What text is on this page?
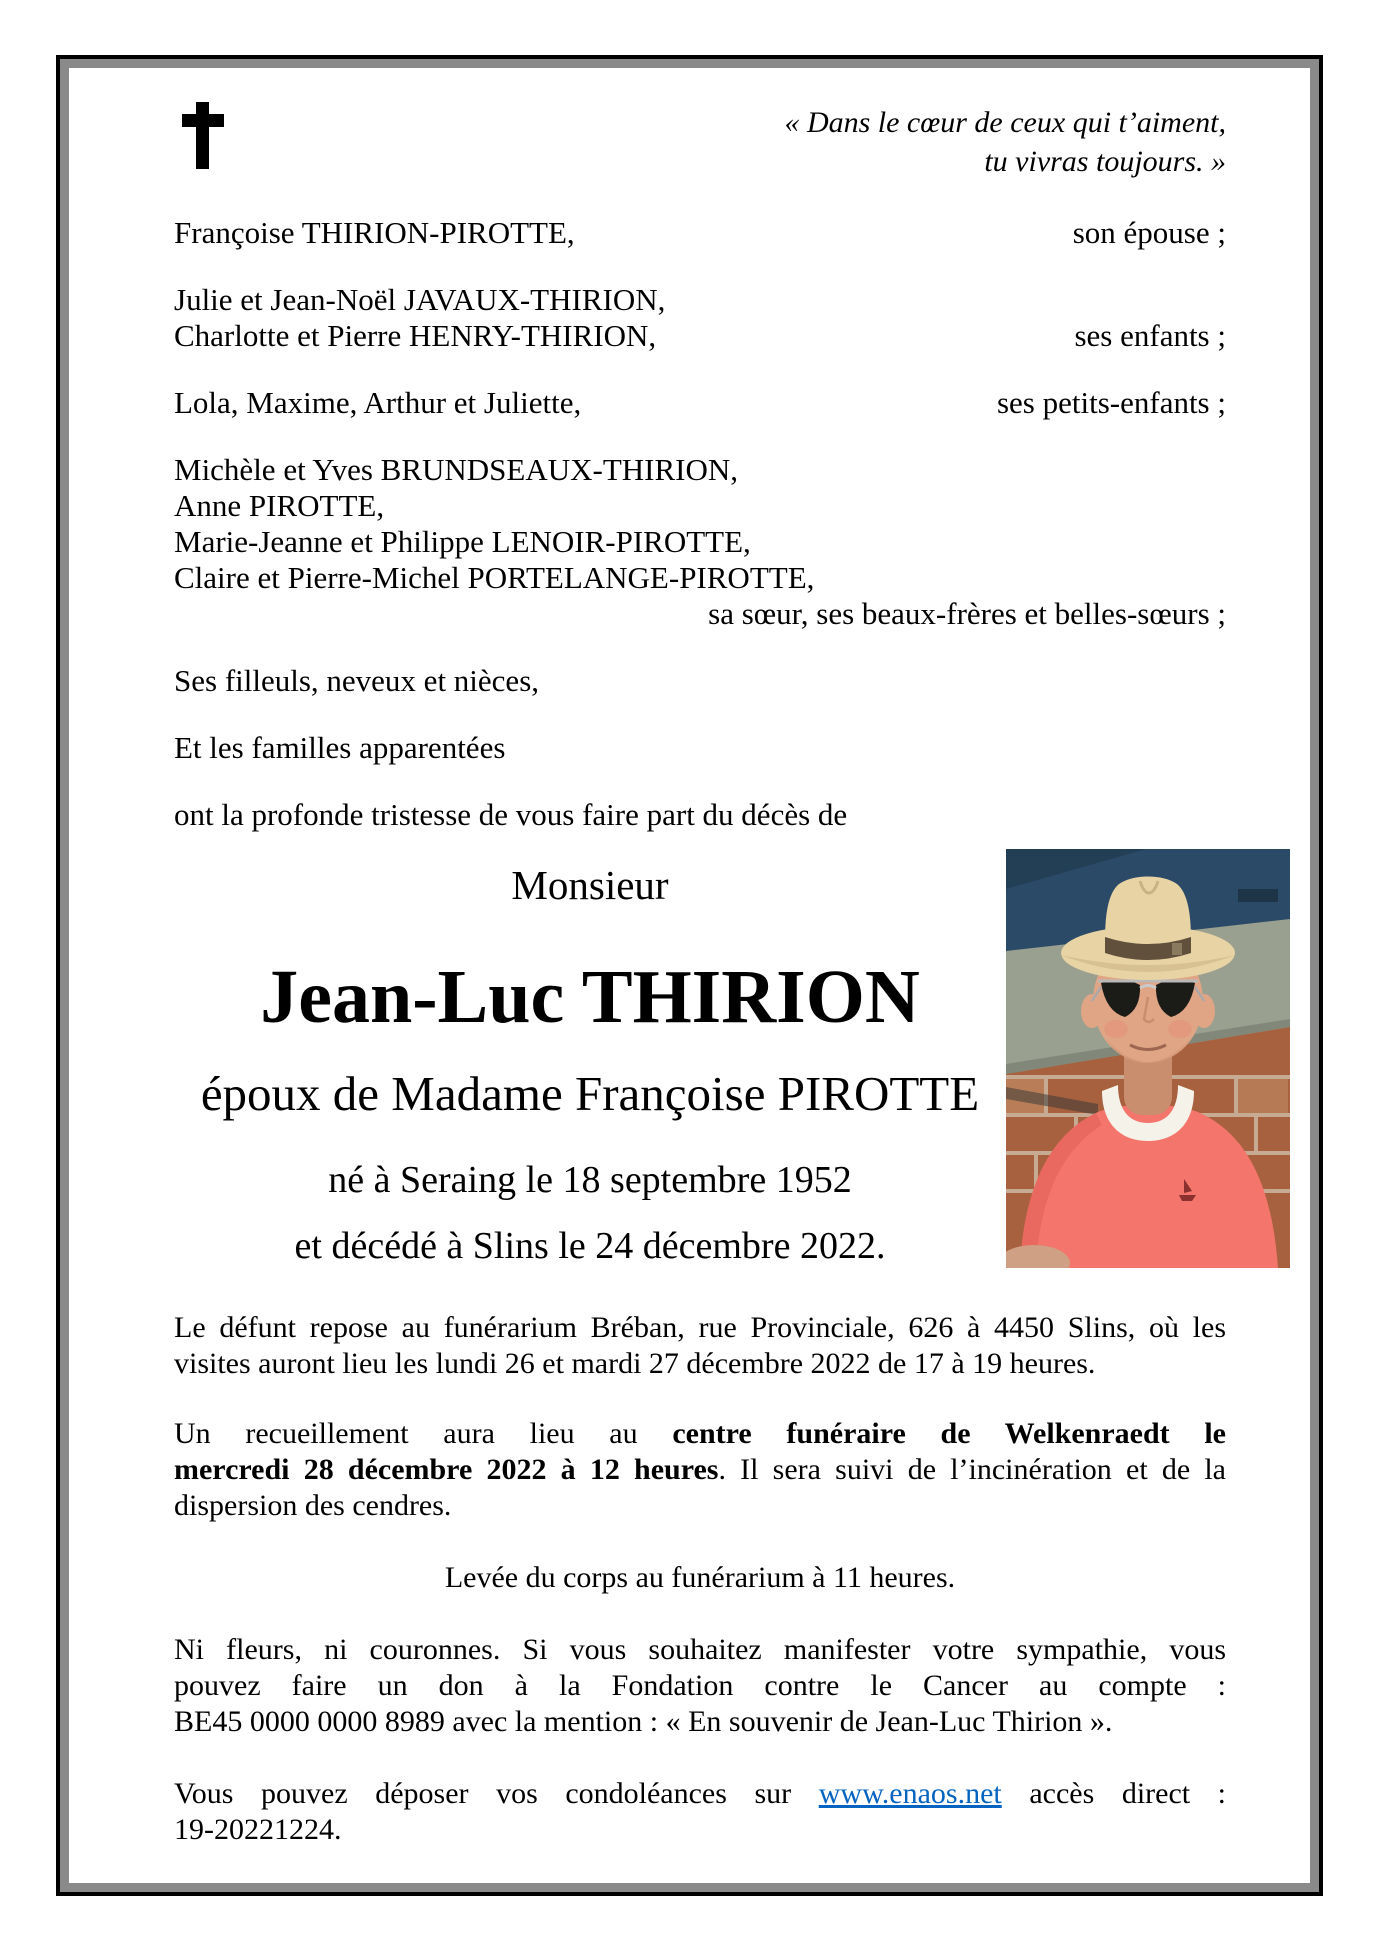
« Dans le cœur de ceux qui t’aiment,
tu vivras toujours. »
Françoise THIRION-PIROTTE,	son épouse ;
Julie et Jean-Noël JAVAUX-THIRION,
Charlotte et Pierre HENRY-THIRION,	ses enfants ;
Lola, Maxime, Arthur et Juliette,	ses petits-enfants ;
Michèle et Yves BRUNDSEAUX-THIRION,
Anne PIROTTE,
Marie-Jeanne et Philippe LENOIR-PIROTTE,
Claire et Pierre-Michel PORTELANGE-PIROTTE,
sa sœur, ses beaux-frères et belles-sœurs ;
Ses filleuls, neveux et nièces,
Et les familles apparentées
ont la profonde tristesse de vous faire part du décès de
Monsieur
Jean-Luc THIRION
époux de Madame Françoise PIROTTE
né à Seraing le 18 septembre 1952
et décédé à Slins le 24 décembre 2022.
Le défunt repose au funérarium Bréban, rue Provinciale, 626 à 4450 Slins, où les
visites auront lieu les lundi 26 et mardi 27 décembre 2022 de 17 à 19 heures.
Un recueillement aura lieu au centre funéraire de Welkenraedt le
mercredi 28 décembre 2022 à 12 heures. Il sera suivi de l’incinération et de la
dispersion des cendres.
Levée du corps au funérarium à 11 heures.
Ni fleurs, ni couronnes. Si vous souhaitez manifester votre sympathie, vous
pouvez faire un don à la Fondation contre le Cancer au compte :
BE45 0000 0000 8989 avec la mention : « En souvenir de Jean-Luc Thirion ».
Vous pouvez déposer vos condoléances sur www.enaos.net accès direct :
19-20221224.
